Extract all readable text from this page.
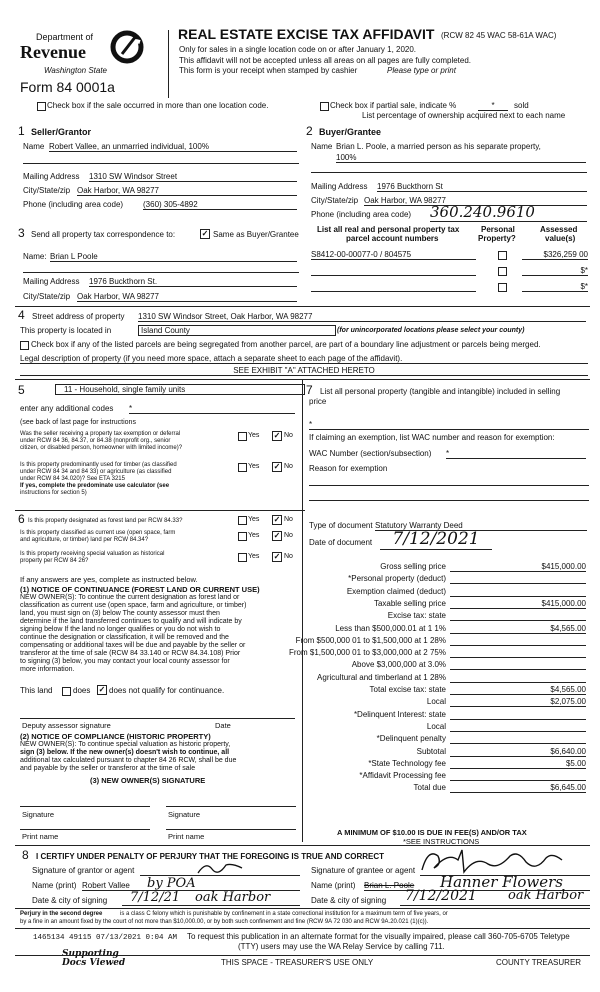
Department of
Revenue
Washington State
Form 84 0001a
REAL ESTATE EXCISE TAX AFFIDAVIT (RCW 82 45 WAC 58-61A WAC)
Only for sales in a single location code on or after January 1, 2020.
This affidavit will not be accepted unless all areas on all pages are fully completed.
This form is your receipt when stamped by cashier	Please type or print
Check box if the sale occurred in more than one location code.	Check box if partial sale, indicate %	*	sold
List percentage of ownership acquired next to each name
1 Seller/Grantor
Name Robert Vallee, an unmarried individual, 100%
Mailing Address 1310 SW Windsor Street
City/State/zip Oak Harbor, WA 98277
Phone (including area code) (360) 305-4892
2 Buyer/Grantee
Name Brian L. Poole, a married person as his separate property,
100%
Mailing Address 1976 Buckthorn St
City/State/zip Oak Harbor, WA 98277
Phone (including area code) 360.240.9610
3 Send all property tax correspondence to:	✓ Same as Buyer/Grantee
Name: Brian L Poole
Mailing Address 1976 Buckthorn St.
City/State/zip Oak Harbor, WA 98277
List all real and personal property tax
parcel account numbers
Personal
Property?
Assessed
value(s)
S8412-00-00077-0 / 804575	$326,259 00
$*
$*
4 Street address of property 1310 SW Windsor Street, Oak Harbor, WA 98277
This property is located in	Island County	(for unincorporated locations please select your county)
Check box if any of the listed parcels are being segregated from another parcel, are part of a boundary line adjustment or parcels being merged.
Legal description of property (if you need more space, attach a separate sheet to each page of the affidavit).
SEE EXHIBIT "A" ATTACHED HERETO
5	11 - Household, single family units
enter any additional codes *
(see back of last page for instructions
Was the seller receiving a property tax exemption or deferral
under RCW 84 36, 84.37, or 84.38 (nonprofit org., senior
citizen, or disabled person, homeowner with limited income)?
Yes ✓ No
Is this property predominantly used for timber (as classified
under RCW 84 34 and 84 33) or agriculture (as classified
under RCW 84 34.020)? See ETA 3215
If yes, complete the predominate use calculator (see
instructions for section 5)
Yes ✓ No
7 List all personal property (tangible and intangible) included in selling
price
*
If claiming an exemption, list WAC number and reason for exemption:
WAC Number (section/subsection) *
Reason for exemption
6 Is this property designated as forest land per RCW 84.33?
Is this property classified as current use (open space, farm
and agriculture, or timber) land per RCW 84.34?
Is this property receiving special valuation as historical
property per RCW 84 26?
Yes ✓ No
Yes ✓ No
Yes ✓ No
If any answers are yes, complete as instructed below.
(1) NOTICE OF CONTINUANCE (FOREST LAND OR CURRENT USE)
NEW OWNER(S): To continue the current designation as forest land or
classification as current use (open space, farm and agriculture, or timber)
land, you must sign on (3) below The county assessor must then
determine if the land transferred continues to qualify and will indicate by
signing below If the land no longer qualifies or you do not wish to
continue the designation or classification, it will be removed and the
compensating or additional taxes will be due and payable by the seller or
transferor at the time of sale (RCW 84 33.140 or RCW 84.34.108) Prior
to signing (3) below, you may contact your local county assessor for
more information.
This land	does ✓ does not qualify for continuance.
Deputy assessor signature	Date
(2) NOTICE OF COMPLIANCE (HISTORIC PROPERTY)
NEW OWNER(S): To continue special valuation as historic property,
sign (3) below. If the new owner(s) doesn't wish to continue, all
additional tax calculated pursuant to chapter 84 26 RCW, shall be due
and payable by the seller or transferor at the time of sale
(3) NEW OWNER(S) SIGNATURE
Signature	Signature
Print name	Print name
Type of document Statutory Warranty Deed
Date of document	7/12/2021
Gross selling price	$415,000.00
*Personal property (deduct)
Exemption claimed (deduct)
Taxable selling price	$415,000.00
Excise tax: state
Less than $500,000.01 at 1 1%	$4,565.00
From $500,000 01 to $1,500,000 at 1 28%
From $1,500,000 01 to $3,000,000 at 2 75%
Above $3,000,000 at 3.0%
Agricultural and timberland at 1 28%
Total excise tax: state	$4,565.00
Local	$2,075.00
*Delinquent Interest: state
Local
*Delinquent penalty
Subtotal	$6,640.00
*State Technology fee	$5.00
*Affidavit Processing fee
Total due	$6,645.00
A MINIMUM OF $10.00 IS DUE IN FEE(S) AND/OR TAX
*SEE INSTRUCTIONS
8 I CERTIFY UNDER PENALTY OF PERJURY THAT THE FOREGOING IS TRUE AND CORRECT
Signature of grantor or agent	Signature of grantee or agent
Name (print) Robert Vallee	by POA	Name (print) Brian L. Poole	Hanner Flowers
Date & city of signing 7/12/21 oak Harbor	Date & city of signing 7/12/2021 oak Harbor
Perjury in the second degree	is a class C felony which is punishable by confinement in a state correctional institution for a maximum term of five years, or
by a fine in an amount fixed by the court of not more than $10,000.00, or by both such confinement and fine (RCW 9A 72 030 and RCW 9A.20.021 (1)(c)).
1465134 49115 07/13/2021 0:04 AM To request this publication in an alternate format for the visually impaired, please call 360-705-6705 Teletype
(TTY) users may use the WA Relay Service by calling 711.
Supporting Docs Viewed	THIS SPACE - TREASURER'S USE ONLY	COUNTY TREASURER
